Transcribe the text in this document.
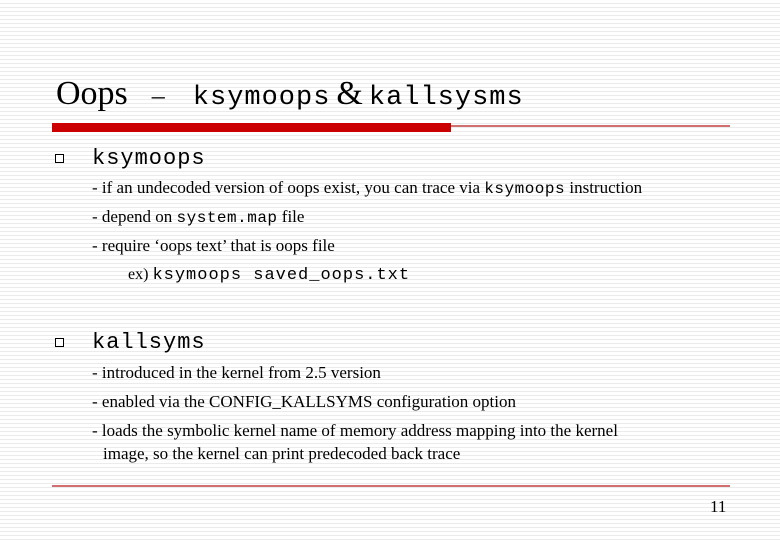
Oops – ksymoops & kallsysms
ksymoops
- if an undecoded version of oops exist, you can trace via ksymoops instruction
- depend on system.map file
- require ‘oops text’ that is oops file
ex) ksymoops saved_oops.txt
kallsyms
- introduced in the kernel from 2.5 version
- enabled via the CONFIG_KALLSYMS configuration option
- loads the symbolic kernel name of memory address mapping into the kernel
image, so the kernel can print predecoded back trace
11
